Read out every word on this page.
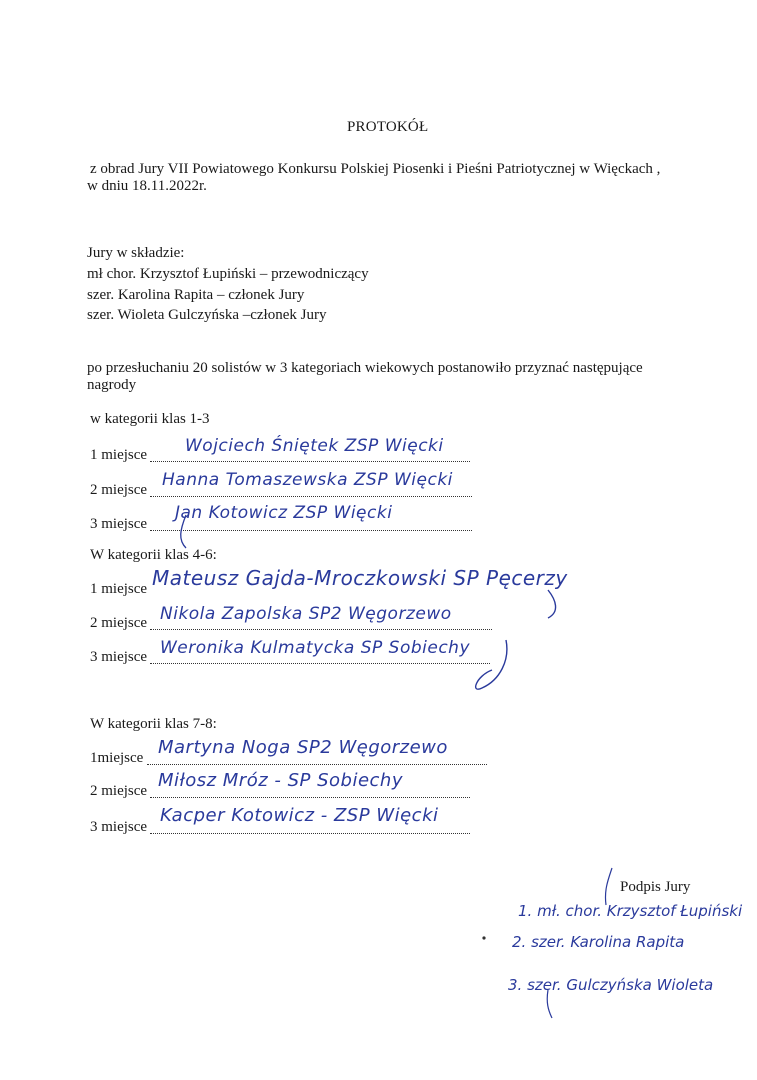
PROTOKÓŁ
z obrad Jury VII Powiatowego Konkursu Polskiej Piosenki i Pieśni Patriotycznej w Więckach ,
w dniu 18.11.2022r.
Jury w składzie:
mł chor. Krzysztof Łupiński – przewodniczący
szer. Karolina Rapita – członek Jury
szer. Wioleta Gulczyńska –członek Jury
po przesłuchaniu 20 solistów w 3 kategoriach wiekowych postanowiło przyznać następujące
nagrody
w kategorii klas 1-3
1 miejsce Wojciech Śniętek ZSP Więcki
2 miejsce Hanna Tomaszewska ZSP Więcki
3 miejsce
Jan Kotowicz ZSP Więcki
W kategorii klas 4-6:
1 miejsce Mateusz Gajda-Mroczkowski SP Pęcerzy
2 miejsce Nikola Zapolska SP2 Węgorzewo
3 miejsce Weronika Kulmatycka SP Sobiechy
W kategorii klas 7-8:
1miejsce Martyna Noga SP2 Węgorzewo
2 miejsce Miłosz Mróz - SP Sobiechy
3 miejsce
Kacper Kotowicz - ZSP Więcki
Podpis Jury
1. mł. chor. Krzysztof Łupiński
2. szer. Karolina Rapita
3. szer. Gulczyńska Wioleta
